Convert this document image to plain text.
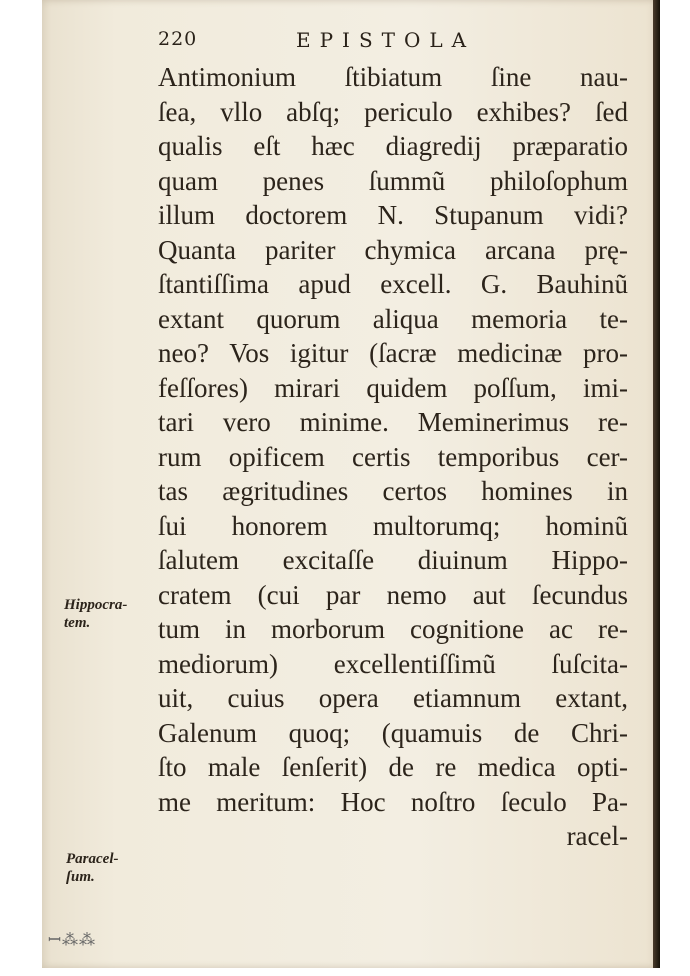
220	EPISTOLA
Antimonium ſtibiatum ſine nau-
ſea, vllo abſq; periculo exhibes? ſed
qualis eſt hæc diagredij præparatio
quam penes ſummũ philoſophum
illum doctorem N. Stupanum vidi?
Quanta pariter chymica arcana prę-
ſtantiſſima apud excell. G. Bauhinũ
extant quorum aliqua memoria te-
neo? Vos igitur (ſacræ medicinæ pro-
feſſores) mirari quidem poſſum, imi-
tari vero minime. Meminerimus re-
rum opificem certis temporibus cer-
tas ægritudines certos homines in
ſui honorem multorumq; hominũ
ſalutem excitaſſe diuinum Hippo-
cratem (cui par nemo aut ſecundus
tum in morborum cognitione ac re-
mediorum) excellentiſſimũ ſuſcita-
uit, cuius opera etiamnum extant,
Galenum quoq; (quamuis de Chri-
ſto male ſenſerit) de re medica opti-
me meritum: Hoc noſtro ſeculo Pa-
racel-
Hippocra-
tem.
Paracel-
ſum.
ꟷ⁂⁂
